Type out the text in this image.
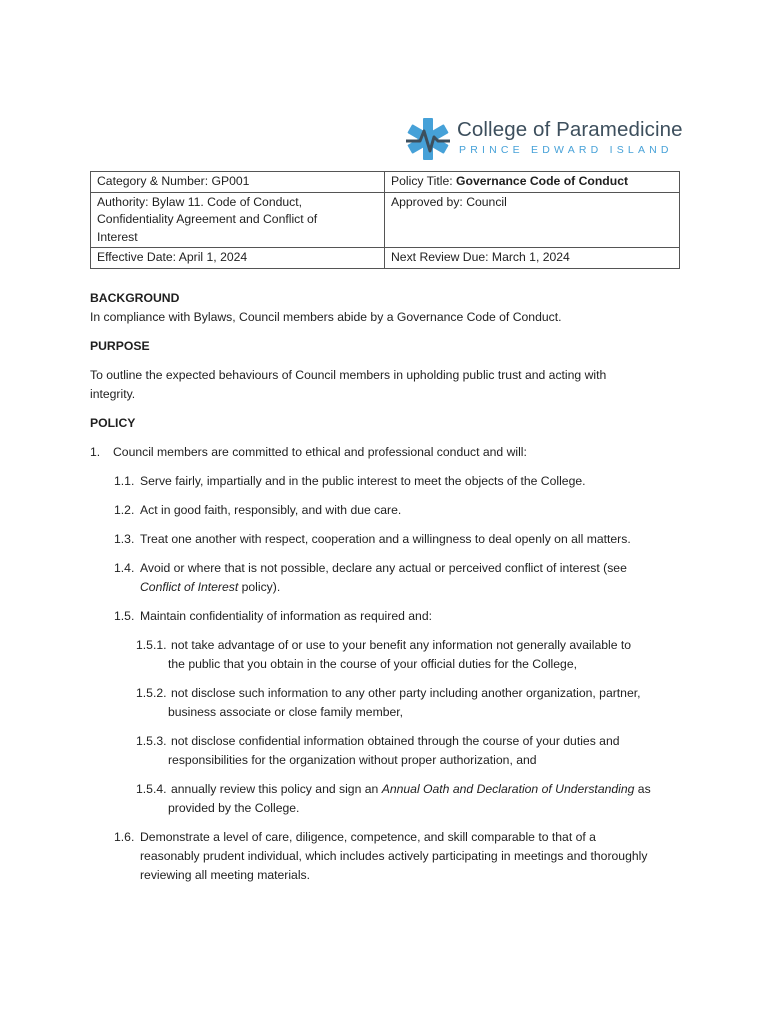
College of Paramedicine
PRINCE EDWARD ISLAND
Category & Number: GP001	Policy Title: Governance Code of Conduct

Authority: Bylaw 11. Code of Conduct,
Confidentiality Agreement and Conflict of
Interest	Approved by: Council
Effective Date: April 1, 2024	Next Review Due: March 1, 2024
BACKGROUND
In compliance with Bylaws, Council members abide by a Governance Code of Conduct.
PURPOSE
To outline the expected behaviours of Council members in upholding public trust and acting with
integrity.
POLICY
1. Council members are committed to ethical and professional conduct and will:
1.1. Serve fairly, impartially and in the public interest to meet the objects of the College.
1.2. Act in good faith, responsibly, and with due care.
1.3. Treat one another with respect, cooperation and a willingness to deal openly on all matters.
1.4. Avoid or where that is not possible, declare any actual or perceived conflict of interest (see
Conflict of Interest policy).
1.5. Maintain confidentiality of information as required and:
1.5.1. not take advantage of or use to your benefit any information not generally available to
the public that you obtain in the course of your official duties for the College,
1.5.2. not disclose such information to any other party including another organization, partner,
business associate or close family member,
1.5.3. not disclose confidential information obtained through the course of your duties and
responsibilities for the organization without proper authorization, and
1.5.4. annually review this policy and sign an Annual Oath and Declaration of Understanding as
provided by the College.
1.6. Demonstrate a level of care, diligence, competence, and skill comparable to that of a
reasonably prudent individual, which includes actively participating in meetings and thoroughly
reviewing all meeting materials.
